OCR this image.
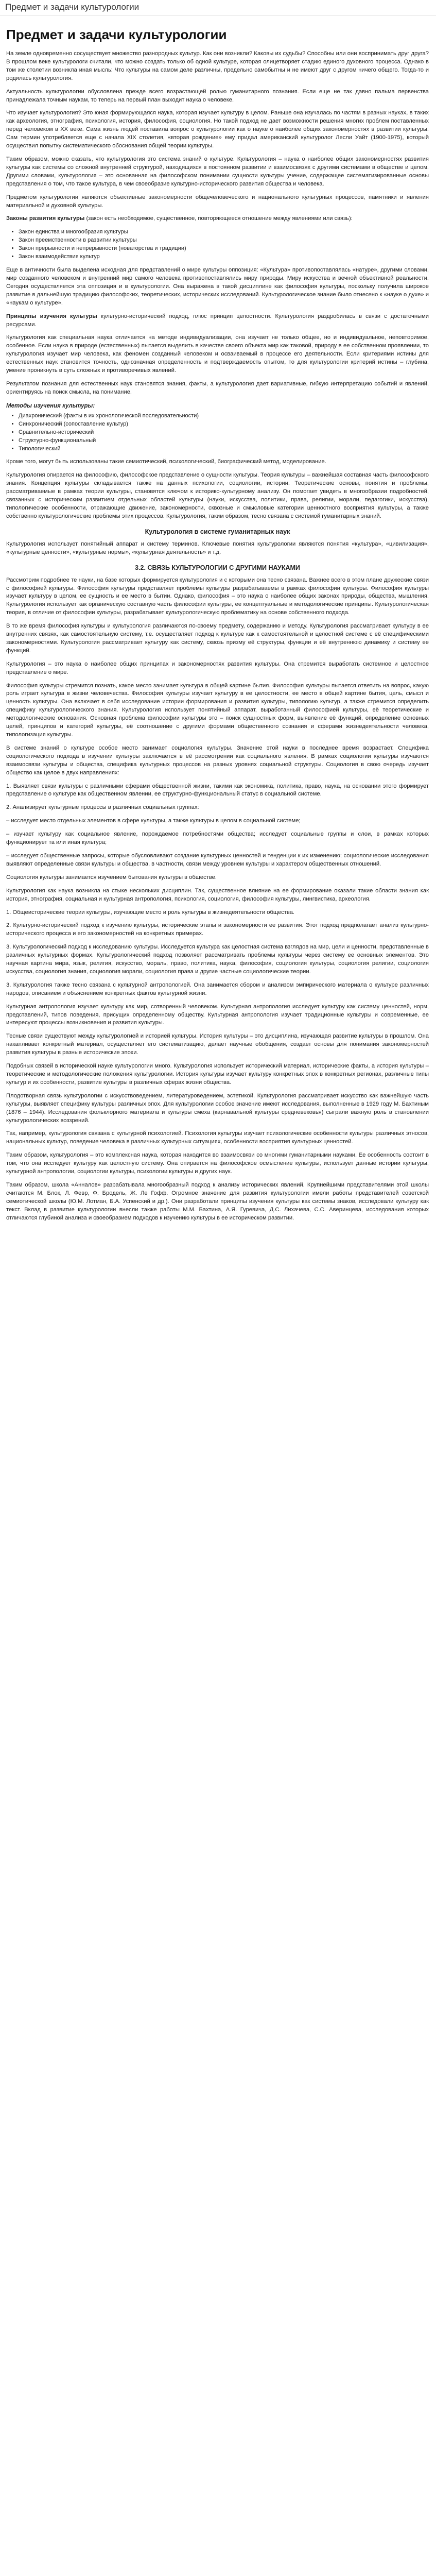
Предмет и задачи культурологии
Предмет и задачи культурологии

На земле одновременно сосуществует множество разнородных культур. Как они возникли? Каковы их судьбы? Способны или они воспринимать друг друга? В прошлом веке культурологи считали, что можно создать только об одной культуре, которая олицетворяет стадию единого духовного процесса. Однако в том же столетии возникла иная мысль: Что культуры на самом деле различны, предельно самобытны и не имеют друг с другом ничего общего. Тогда-то и родилась культурология.

Актуальность культурологии обусловлена прежде всего возрастающей ролью гуманитарного познания. Если еще не так давно пальма первенства принадлежала точным наукам, то теперь на первый план выходит наука о человеке.

Что изучает культурология? Это юная формирующаяся наука, которая изучает культуру в целом. Раньше она изучалась по частям в разных науках, в таких как археология, этнография, психология, история, философия, социология. Но такой подход не дает возможности решения многих проблем поставленных перед человеком в XX веке. Сама жизнь людей поставила вопрос о культурологии как о науке о наиболее общих закономерностях в развитии культуры. Сам термин употребляется еще с начала XIX столетия, «вторая рождение» ему придал американский культуролог Лесли Уайт (1900-1975), который осуществил попытку систематического обоснования общей теории культуры.

Таким образом, можно сказать, что культурология это система знаний о культуре. Культурология – наука о наиболее общих закономерностях развития культуры как системы со сложной внутренней структурой, находящихся в постоянном развитии и взаимосвязях с другими системами в обществе и целом. Другими словами, культурология – это основанная на философском понимании сущности культуры учение, содержащее систематизированные основы представления о том, что такое культура, в чем своеобразие культурно-исторического развития общества и человека.

Предметом культурологии являются объективные закономерности общечеловеческого и национального культурных процессов, памятники и явления материальной и духовной культуры.

Законы развития культуры (закон есть необходимое, существенное, повторяющееся отношение между явлениями или связь):

• Закон единства и многообразия культуры
• Закон преемственности в развитии культуры
• Закон прерывности и непрерывности (новаторства и традиции)
• Закон взаимодействия культур

Еще в античности была выделена исходная для представлений о мире культуры оппозиция: «Культура» противопоставлялась «натуре», другими словами, мир созданного человеком и внутренний мир самого человека противопоставлялись миру природы. Миру искусства и вечной объективной реальности. Сегодня осуществляется эта оппозиция и в культурологии. Она выражена в такой дисциплине как философия культуры, поскольку получила широкое развитие в дальнейшую традицию философских, теоретических, исторических исследований. Культурологическое знание было отнесено к «науке о духе» и «наукам о культуре».

Принципы изучения культуры культурно-исторический подход, плюс принцип целостности. Культурология раздробилась в связи с достаточными ресурсами.

Культурология как специальная наука отличается на методе индивидуализации, она изучает не только общее, но и индивидуальное, неповторимое, особенное. Если наука в природе (естественных) пытается выделить в качестве своего объекта мир как таковой, природу в ее собственном проявлении, то культурология изучает мир человека, как феномен созданный человеком и осваиваемый в процессе его деятельности. Если критериями истины для естественных наук становится точность, однозначная определенность и подтверждаемость опытом, то для культурологии критерий истины – глубина, умение проникнуть в суть сложных и противоречивых явлений.

Результатом познания для естественных наук становятся знания, факты, а культурология дает вариативные, гибкую интерпретацию событий и явлений, ориентируясь на поиск смысла, на понимание.

Методы изучения культуры:
• Диахронический (факты в их хронологической последовательности)
• Синхронический (сопоставление культур)
• Сравнительно-исторический
• Структурно-функциональный
• Типологический

Кроме того, могут быть использованы такие семиотический, психологический, биографический метод, моделирование.

Культурология опирается на философию, философское представление о сущности культуры. Теория культуры – важнейшая составная часть философского знания. Концепция культуры складывается также на данных психологии, социологии, истории. Теоретические основы, понятия и проблемы, рассматриваемые в рамках теории культуры, становятся ключом к историко-культурному анализу. Он помогает увидеть в многообразии подробностей, связанных с историческим развитием отдельных областей культуры (науки, искусства, политики, права, религии, морали, педагогики, искусства), типологические особенности, отражающие движение, закономерности, сквозные и смысловые категории ценностного восприятия культуры, а также собственно культурологические проблемы этих процессов. Культурология, таким образом, тесно связана с системой гуманитарных знаний.

Культурология в системе гуманитарных наук

Культурология использует понятийный аппарат и систему терминов. Ключевые понятия культурологии являются понятия «культура», «цивилизация», «культурные ценности», «культурные нормы», «культурная деятельность» и т.д.

3.2. СВЯЗЬ КУЛЬТУРОЛОГИИ С ДРУГИМИ НАУКАМИ

Рассмотрим подробнее те науки, на базе которых формируется культурология и с которыми она тесно связана. Важнее всего в этом плане дружеские связи с философией культуры. Философия культуры представляет проблемы культуры разрабатываемы в рамках философии культуры. Философия культуры изучает культуру в целом, ее сущность и ее место в бытии. Однако, философия – это наука о наиболее общих законах природы, общества, мышления. Культурология использует как органическую составную часть философии культуры, ее концептуальные и методологические принципы. Культурологическая теория, в отличие от философии культуры, разрабатывает культурологическую проблематику на основе собственного подхода.

В то же время философия культуры и культурология различаются по-своему предмету, содержанию и методу. Культурология рассматривает культуру в ее внутренних связях, как самостоятельную систему, т.е. осуществляет подход к культуре как к самостоятельной и целостной системе с её специфическими закономерностями. Культурология рассматривает культуру как систему, сквозь призму её структуры, функции и её внутреннюю динамику и систему ее функций.

Культурология – это наука о наиболее общих принципах и закономерностях развития культуры. Она стремится выработать системное и целостное представление о мире.

Философия культуры стремится познать, какое место занимает культура в общей картине бытия. Философия культуры пытается ответить на вопрос, какую роль играет культура в жизни человечества. Философия культуры изучает культуру в ее целостности, ее место в общей картине бытия, цель, смысл и ценность культуры. Она включает в себя исследование истории формирования и развития культуры, типологию культур, а также стремится определить специфику культурологического знания. Культурология использует понятийный аппарат, выработанный философией культуры, её теоретические и методологические основания. Основная проблема философии культуры это – поиск сущностных форм, выявление её функций, определение основных целей, принципов и категорий культуры, её соотношение с другими формами общественного сознания и сферами жизнедеятельности человека, типологизация культуры.

В системе знаний о культуре особое место занимает социология культуры. Значение этой науки в последнее время возрастает. Специфика социологического подхода в изучении культуры заключается в её рассмотрении как социального явления. В рамках социологии культуры изучаются взаимосвязи культуры и общества, специфика культурных процессов на разных уровнях социальной структуры. Социология в свою очередь изучает общество как целое в двух направлениях:

1. Выявляет связи культуры с различными сферами общественной жизни, такими как экономика, политика, право, наука, на основании этого формирует представление о культуре как общественном явлении, ее структурно-функциональный статус в социальной системе.

2. Анализирует культурные процессы в различных социальных группах:

– исследует место отдельных элементов в сфере культуры, а также культуры в целом в социальной системе;

– изучает культуру как социальное явление, порождаемое потребностями общества; исследует социальные группы и слои, в рамках которых функционирует та или иная культура;

– исследует общественные запросы, которые обусловливают создание культурных ценностей и тенденции к их изменению; социологические исследования выявляют определенные связи культуры и общества, в частности, связи между уровнем культуры и характером общественных отношений.

Социология культуры занимается изучением бытования культуры в обществе.

Культурология как наука возникла на стыке нескольких дисциплин. Так, существенное влияние на ее формирование оказали такие области знания как история, этнография, социальная и культурная антропология, психология, социология, философия культуры, лингвистика, археология.

1. Общеисторические теории культуры, изучающие место и роль культуры в жизнедеятельности общества.

2. Культурно-исторический подход к изучению культуры, исторические этапы и закономерности ее развития. Этот подход предполагает анализ культурно-исторического процесса и его закономерностей на конкретных примерах.

3. Культурологический подход к исследованию культуры. Исследуется культура как целостная система взглядов на мир, цели и ценности, представленные в различных культурных формах. Культурологический подход позволяет рассматривать проблемы культуры через систему ее основных элементов. Это научная картина мира, язык, религия, искусство, мораль, право, политика, наука, философия, социология культуры, социология религии, социология искусства, социология знания, социология морали, социология права и другие частные социологические теории.

3. Культурология также тесно связана с культурной антропологией. Она занимается сбором и анализом эмпирического материала о культуре различных народов, описанием и объяснением конкретных фактов культурной жизни.

Культурная антропология изучает культуру как мир, сотворенный человеком. Культурная антропология исследует культуру как систему ценностей, норм, представлений, типов поведения, присущих определенному обществу. Культурная антропология изучает традиционные культуры и современные, ее интересуют процессы возникновения и развития культуры.

Тесные связи существуют между культурологией и историей культуры. История культуры – это дисциплина, изучающая развитие культуры в прошлом. Она накапливает конкретный материал, осуществляет его систематизацию, делает научные обобщения, создает основы для понимания закономерностей развития культуры в разные исторические эпохи.

Подобных связей в исторической науке культурологии много. Культурология использует исторический материал, исторические факты, а история культуры – теоретические и методологические положения культурологии. История культуры изучает культуру конкретных эпох в конкретных регионах, различные типы культур и их особенности, развитие культуры в различных сферах жизни общества.

Плодотворная связь культурологии с искусствоведением, литературоведением, эстетикой. Культурология рассматривает искусство как важнейшую часть культуры, выявляет специфику культуры различных эпох. Для культурологии особое значение имеют исследования, выполненные в 1929 году М. Бахтиным (1876 – 1944). Исследования фольклорного материала и культуры смеха (карнавальной культуры средневековья) сыграли важную роль в становлении культурологических воззрений.

Так, например, культурология связана с культурной психологией. Психология культуры изучает психологические особенности культуры различных этносов, национальных культур, поведение человека в различных культурных ситуациях, особенности восприятия культурных ценностей.

Таким образом, культурология – это комплексная наука, которая находится во взаимосвязи со многими гуманитарными науками. Ее особенность состоит в том, что она исследует культуру как целостную систему. Она опирается на философское осмысление культуры, использует данные истории культуры, культурной антропологии, социологии культуры, психологии культуры и других наук.

Таким образом, школа «Анналов» разрабатывала многообразный подход к анализу исторических явлений. Крупнейшими представителями этой школы считаются М. Блок, Л. Февр, Ф. Бродель, Ж. Ле Гофф. Огромное значение для развития культурологии имели работы представителей советской семиотической школы (Ю.М. Лотман, Б.А. Успенский и др.). Они разработали принципы изучения культуры как системы знаков, исследовали культуру как текст. Вклад в развитие культурологии внесли также работы М.М. Бахтина, А.Я. Гуревича, Д.С. Лихачева, С.С. Аверинцева, исследования которых отличаются глубиной анализа и своеобразием подходов к изучению культуры в ее историческом развитии.
